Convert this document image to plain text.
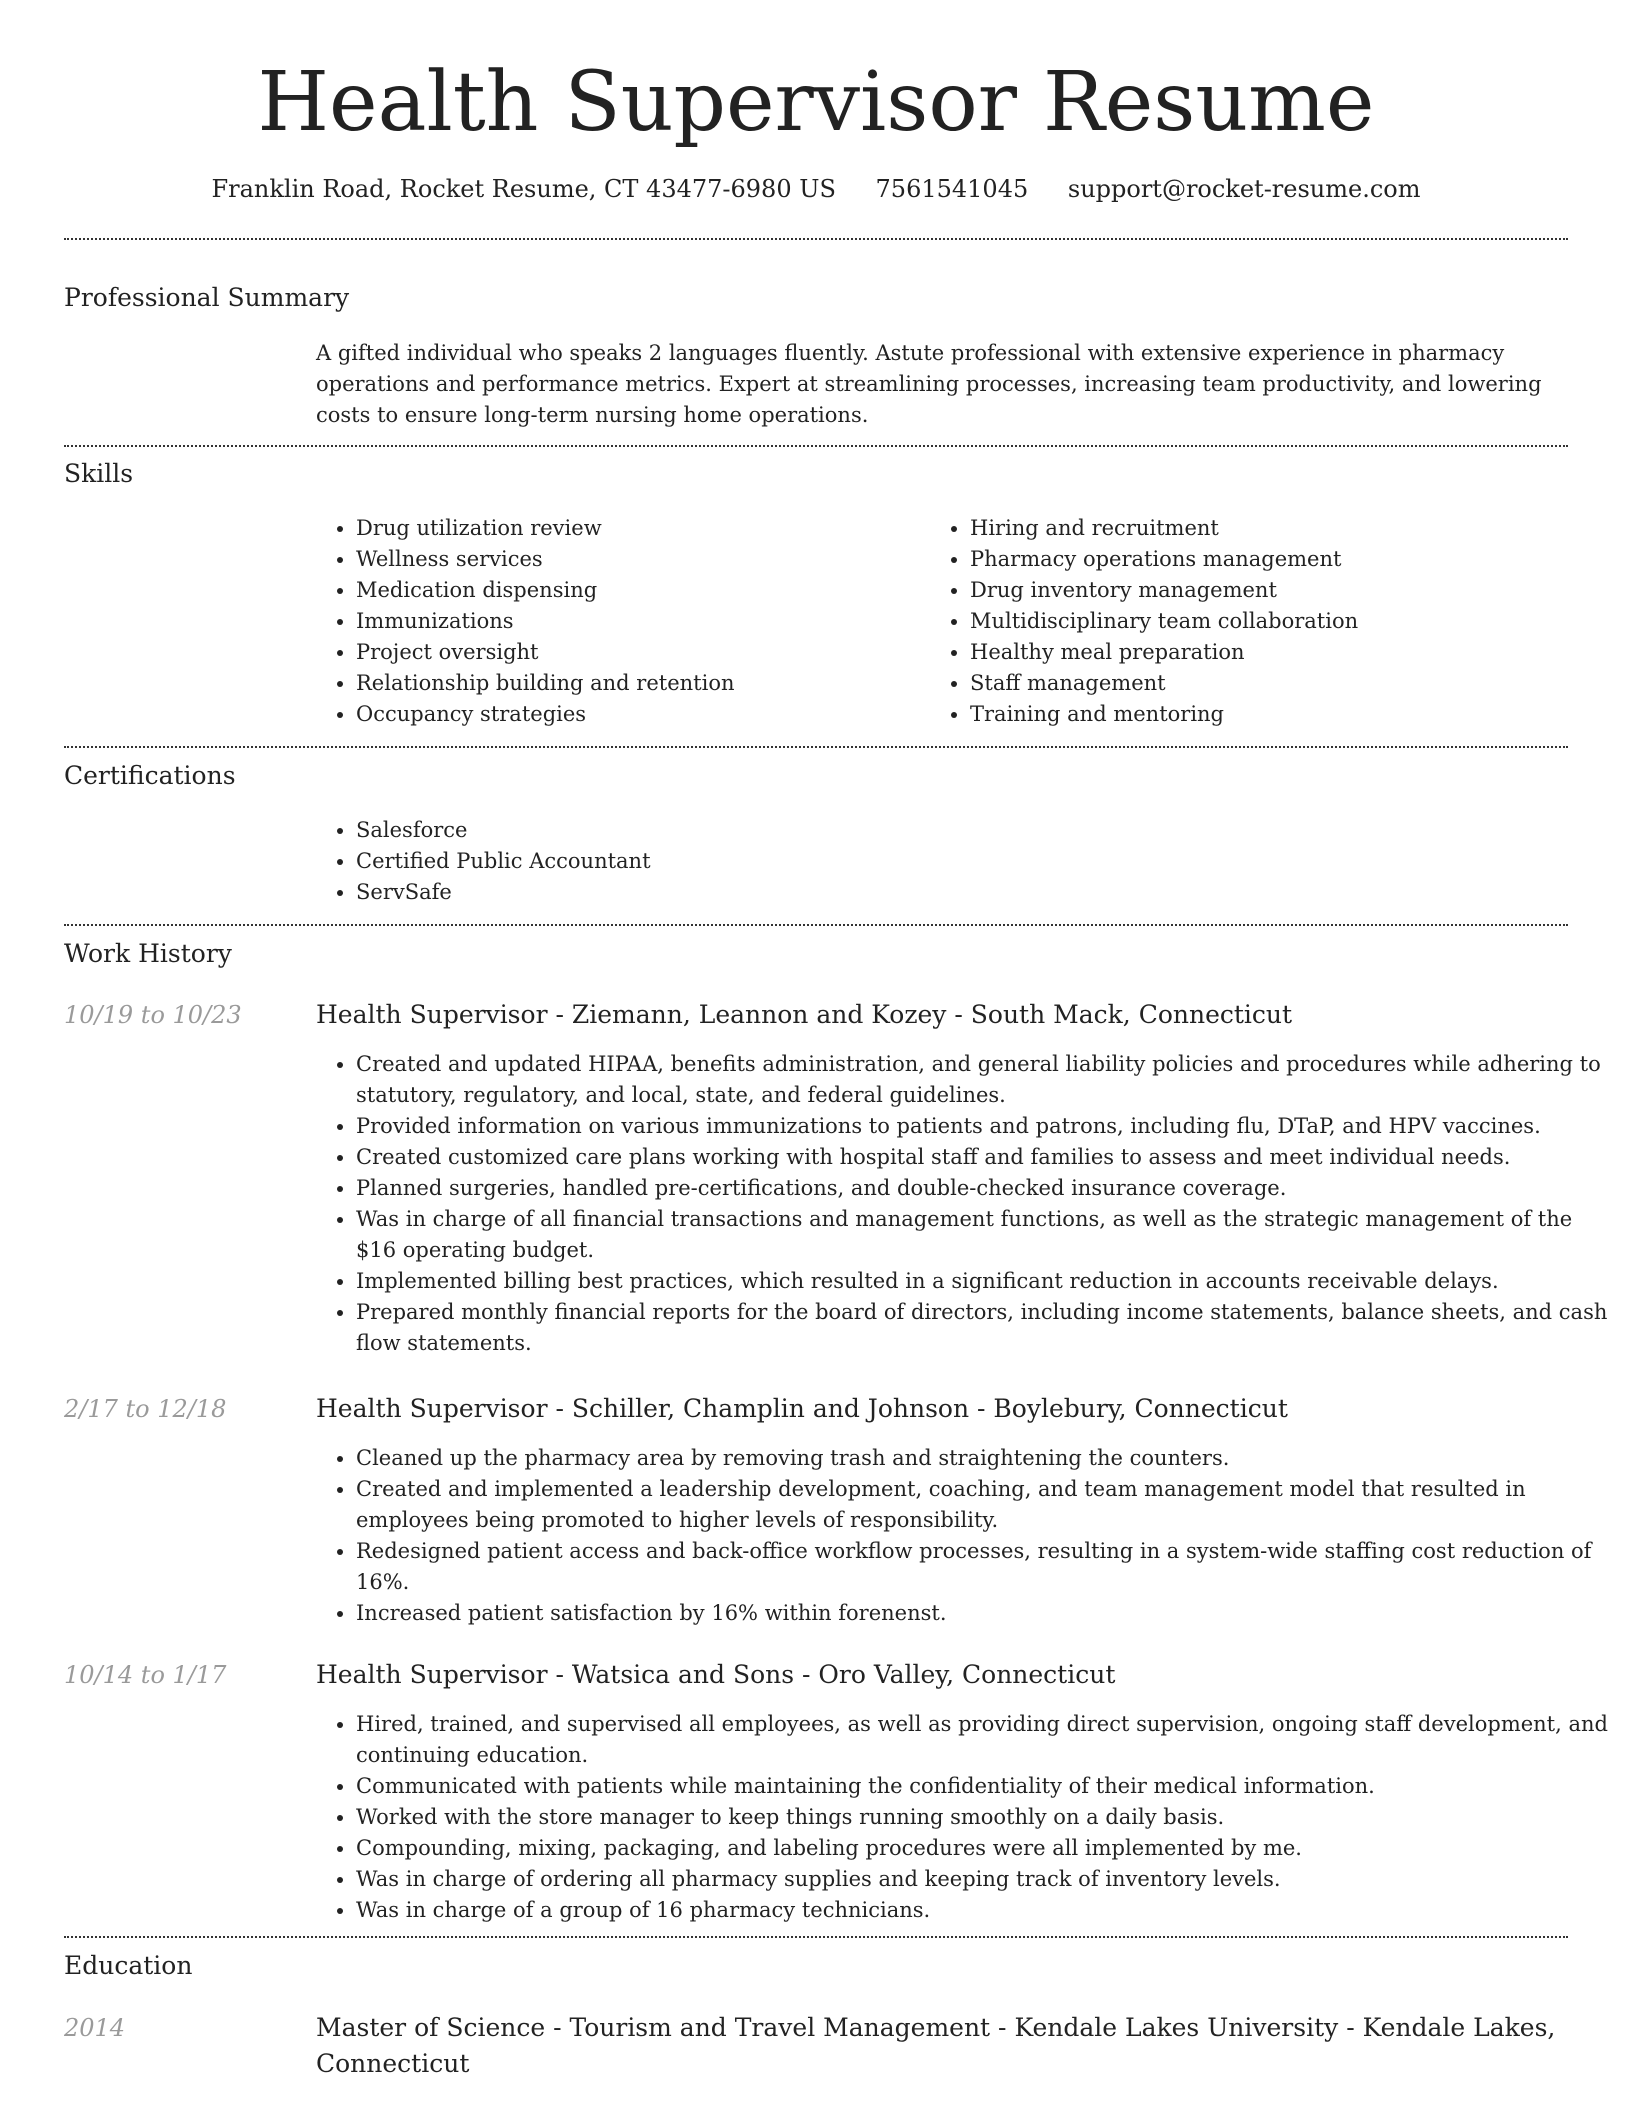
Health Supervisor Resume
Franklin Road, Rocket Resume, CT 43477-6980 US 7561541045 support@rocket-resume.com
Professional Summary

A gifted individual who speaks 2 languages fluently. Astute professional with extensive experience in pharmacy operations and performance metrics. Expert at streamlining processes, increasing team productivity, and lowering costs to ensure long-term nursing home operations.

Skills
• Drug utilization review
• Wellness services
• Medication dispensing
• Immunizations
• Project oversight
• Relationship building and retention
• Occupancy strategies
• Hiring and recruitment
• Pharmacy operations management
• Drug inventory management
• Multidisciplinary team collaboration
• Healthy meal preparation
• Staff management
• Training and mentoring
Certifications
• Salesforce
• Certified Public Accountant
• ServSafe
Work History
10/19 to 10/23	Health Supervisor - Ziemann, Leannon and Kozey - South Mack, Connecticut
• Created and updated HIPAA, benefits administration, and general liability policies and procedures while adhering to statutory, regulatory, and local, state, and federal guidelines.
• Provided information on various immunizations to patients and patrons, including flu, DTaP, and HPV vaccines.
• Created customized care plans working with hospital staff and families to assess and meet individual needs.
• Planned surgeries, handled pre-certifications, and double-checked insurance coverage.
• Was in charge of all financial transactions and management functions, as well as the strategic management of the $16 operating budget.
• Implemented billing best practices, which resulted in a significant reduction in accounts receivable delays.
• Prepared monthly financial reports for the board of directors, including income statements, balance sheets, and cash flow statements.
2/17 to 12/18	Health Supervisor - Schiller, Champlin and Johnson - Boylebury, Connecticut
• Cleaned up the pharmacy area by removing trash and straightening the counters.
• Created and implemented a leadership development, coaching, and team management model that resulted in employees being promoted to higher levels of responsibility.
• Redesigned patient access and back-office workflow processes, resulting in a system-wide staffing cost reduction of 16%.
• Increased patient satisfaction by 16% within forenenst.
10/14 to 1/17	Health Supervisor - Watsica and Sons - Oro Valley, Connecticut
• Hired, trained, and supervised all employees, as well as providing direct supervision, ongoing staff development, and continuing education.
• Communicated with patients while maintaining the confidentiality of their medical information.
• Worked with the store manager to keep things running smoothly on a daily basis.
• Compounding, mixing, packaging, and labeling procedures were all implemented by me.
• Was in charge of ordering all pharmacy supplies and keeping track of inventory levels.
• Was in charge of a group of 16 pharmacy technicians.
Education
2014	Master of Science - Tourism and Travel Management - Kendale Lakes University - Kendale Lakes, Connecticut
